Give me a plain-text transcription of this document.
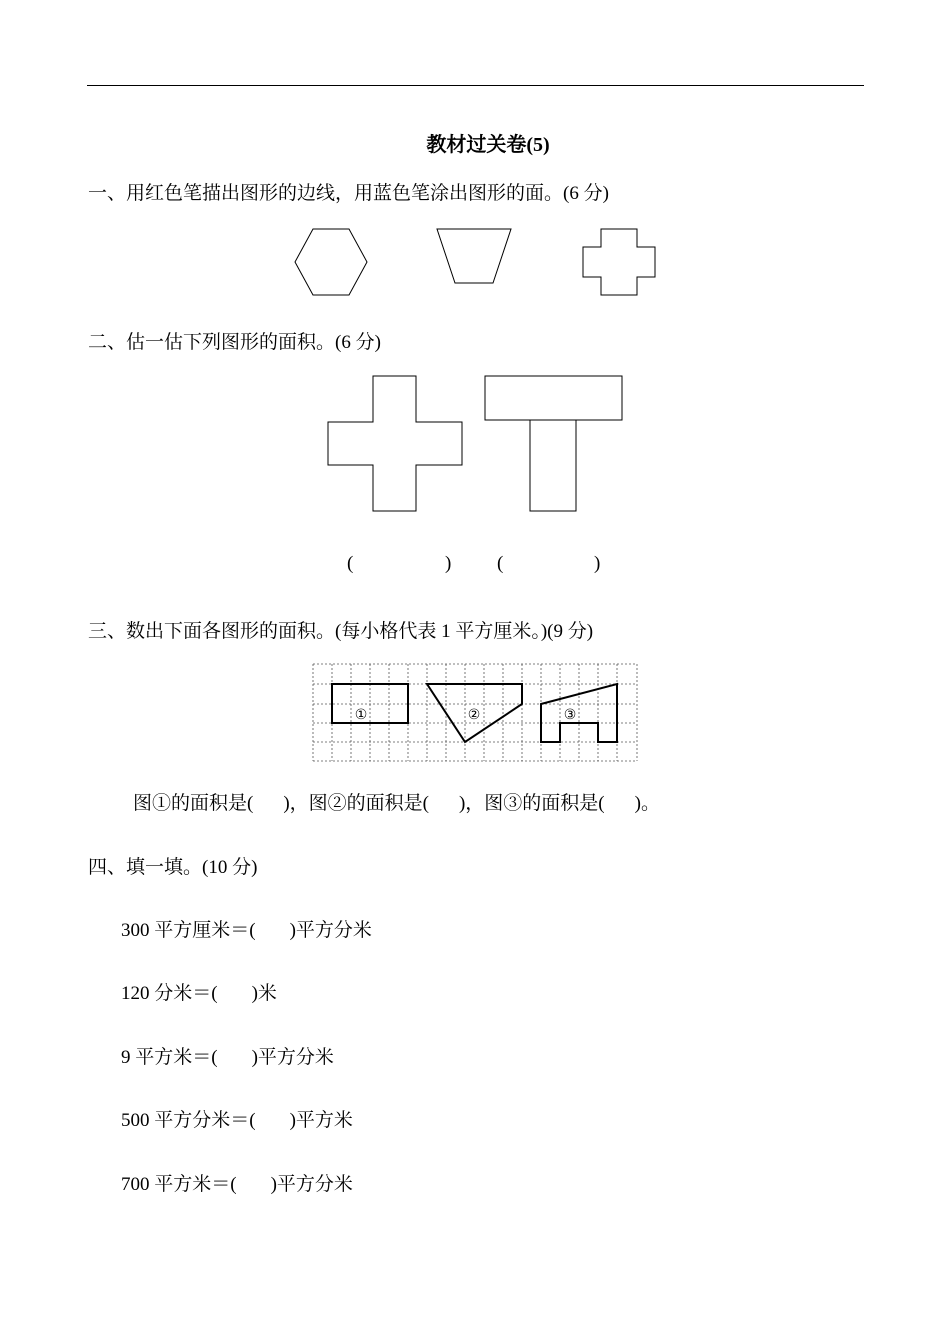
教材过关卷(5)
一、用红色笔描出图形的边线，用蓝色笔涂出图形的面。(6 分)
二、估一估下列图形的面积。(6 分)
(	) (	)
三、数出下面各图形的面积。(每小格代表 1 平方厘米。)(9 分)
①	②	③
图①的面积是( )，图②的面积是( )，图③的面积是( )。
四、填一填。(10 分)
300 平方厘米＝( )平方分米
120 分米＝( )米
9 平方米＝( )平方分米
500 平方分米＝( )平方米
700 平方米＝( )平方分米
